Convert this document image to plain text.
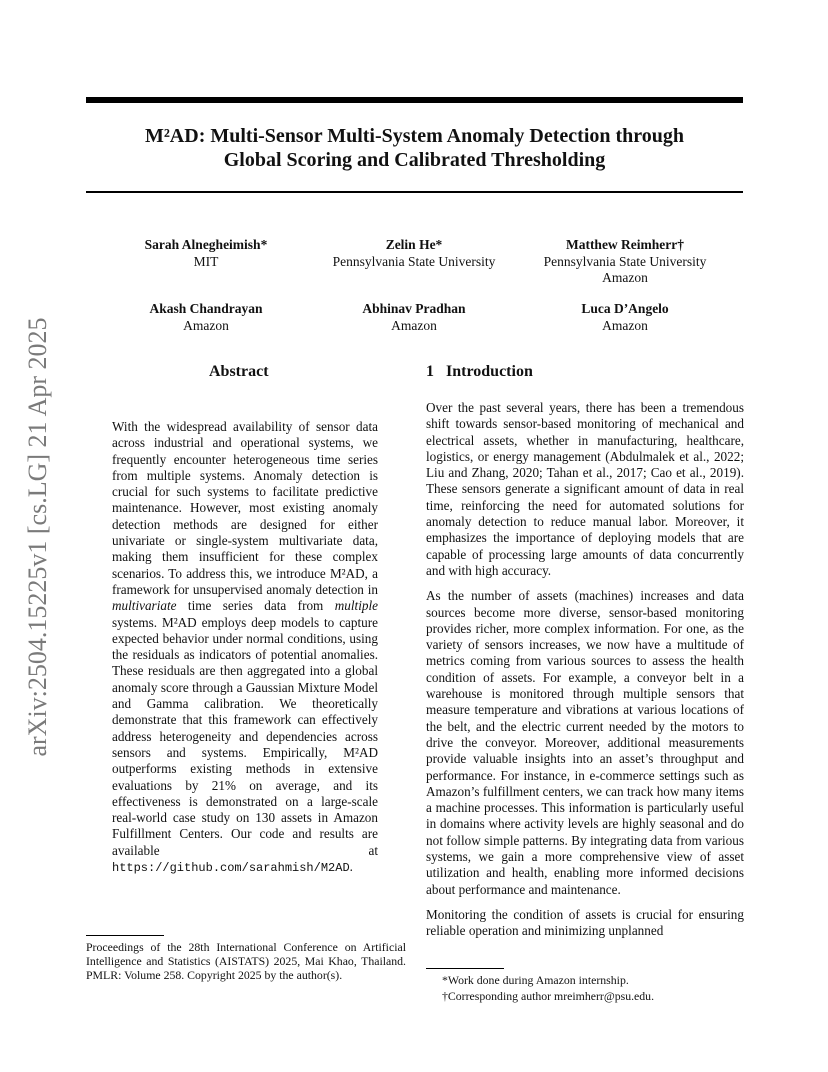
arXiv:2504.15225v1 [cs.LG] 21 Apr 2025
M²AD: Multi-Sensor Multi-System Anomaly Detection through
Global Scoring and Calibrated Thresholding
Sarah Alnegheimish*
MIT
Zelin He*
Pennsylvania State University
Matthew Reimherr†
Pennsylvania State University
Amazon
Akash Chandrayan
Amazon
Abhinav Pradhan
Amazon
Luca D’Angelo
Amazon
Abstract	1   Introduction
With the widespread availability of sensor data across industrial and operational systems, we frequently encounter heterogeneous time series from multiple systems. Anomaly detection is crucial for such systems to facilitate predictive maintenance. However, most existing anomaly detection methods are designed for either univariate or single-system multivariate data, making them insufficient for these complex scenarios. To address this, we introduce M²AD, a framework for unsupervised anomaly detection in multivariate time series data from multiple systems. M²AD employs deep models to capture expected behavior under normal conditions, using the residuals as indicators of potential anomalies. These residuals are then aggregated into a global anomaly score through a Gaussian Mixture Model and Gamma calibration. We theoretically demonstrate that this framework can effectively address heterogeneity and dependencies across sensors and systems. Empirically, M²AD outperforms existing methods in extensive evaluations by 21% on average, and its effectiveness is demonstrated on a large-scale real-world case study on 130 assets in Amazon Fulfillment Centers. Our code and results are available at https://github.com/sarahmish/M2AD.

Over the past several years, there has been a tremendous shift towards sensor-based monitoring of mechanical and electrical assets, whether in manufacturing, healthcare, logistics, or energy management (Abdulmalek et al., 2022; Liu and Zhang, 2020; Tahan et al., 2017; Cao et al., 2019). These sensors generate a significant amount of data in real time, reinforcing the need for automated solutions for anomaly detection to reduce manual labor. Moreover, it emphasizes the importance of deploying models that are capable of processing large amounts of data concurrently and with high accuracy.

As the number of assets (machines) increases and data sources become more diverse, sensor-based monitoring provides richer, more complex information. For one, as the variety of sensors increases, we now have a multitude of metrics coming from various sources to assess the health condition of assets. For example, a conveyor belt in a warehouse is monitored through multiple sensors that measure temperature and vibrations at various locations of the belt, and the electric current needed by the motors to drive the conveyor. Moreover, additional measurements provide valuable insights into an asset’s throughput and performance. For instance, in e-commerce settings such as Amazon’s fulfillment centers, we can track how many items a machine processes. This information is particularly useful in domains where activity levels are highly seasonal and do not follow simple patterns. By integrating data from various systems, we gain a more comprehensive view of asset utilization and health, enabling more informed decisions about performance and maintenance.

Monitoring the condition of assets is crucial for ensuring reliable operation and minimizing unplanned

Proceedings of the 28th International Conference on Artificial Intelligence and Statistics (AISTATS) 2025, Mai Khao, Thailand. PMLR: Volume 258. Copyright 2025 by the author(s).	*Work done during Amazon internship.
†Corresponding author mreimherr@psu.edu.
